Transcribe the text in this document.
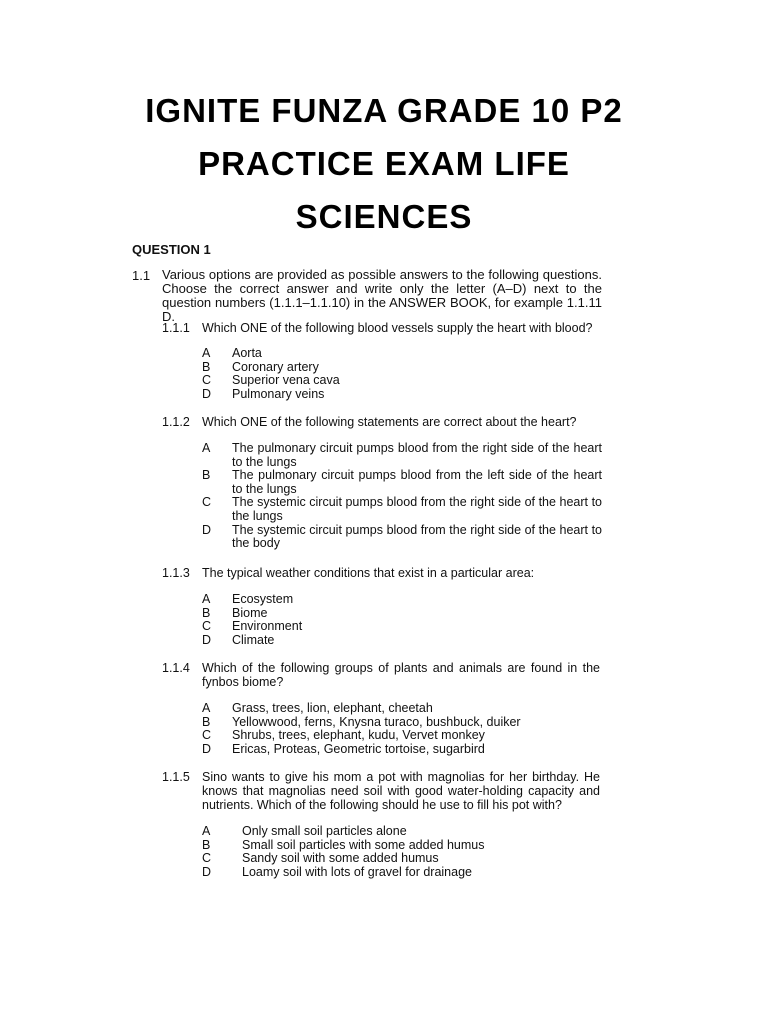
IGNITE FUNZA GRADE 10 P2
PRACTICE EXAM LIFE
SCIENCES
QUESTION 1
1.1 Various options are provided as possible answers to the following questions. Choose the correct answer and write only the letter (A–D) next to the question numbers (1.1.1–1.1.10) in the ANSWER BOOK, for example 1.1.11 D.
1.1.1 Which ONE of the following blood vessels supply the heart with blood?
A Aorta
B Coronary artery
C Superior vena cava
D Pulmonary veins
1.1.2 Which ONE of the following statements are correct about the heart?
A The pulmonary circuit pumps blood from the right side of the heart to the lungs
B The pulmonary circuit pumps blood from the left side of the heart to the lungs
C The systemic circuit pumps blood from the right side of the heart to the lungs
D The systemic circuit pumps blood from the right side of the heart to the body
1.1.3 The typical weather conditions that exist in a particular area:
A Ecosystem
B Biome
C Environment
D Climate
1.1.4 Which of the following groups of plants and animals are found in the fynbos biome?
A Grass, trees, lion, elephant, cheetah
B Yellowwood, ferns, Knysna turaco, bushbuck, duiker
C Shrubs, trees, elephant, kudu, Vervet monkey
D Ericas, Proteas, Geometric tortoise, sugarbird
1.1.5 Sino wants to give his mom a pot with magnolias for her birthday. He knows that magnolias need soil with good water-holding capacity and nutrients. Which of the following should he use to fill his pot with?
A	Only small soil particles alone
B	Small soil particles with some added humus
C Sandy soil with some added humus
D Loamy soil with lots of gravel for drainage
